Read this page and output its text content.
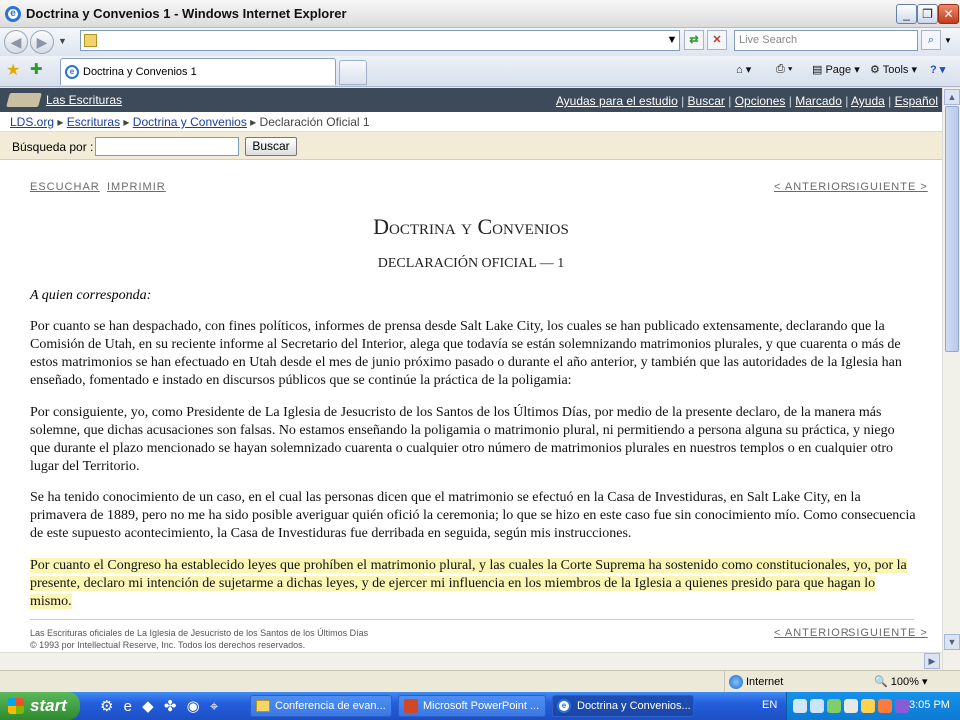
e Doctrina y Convenios 1 - Windows Internet Explorer	_	❐ ✕
◀	▶	▼	▼	⇄	✕	Live Search	⌕	▼
★ ✚	e Doctrina y Convenios 1	⌂ ▾ ⎙ ▾ ▤ Page ▾ ⚙ Tools ▾ ? ▾
Las Escrituras	Ayudas para el estudio | Buscar | Opciones | Marcado | Ayuda | Español
LDS.org ▸ Escrituras ▸ Doctrina y Convenios ▸ Declaración Oficial 1
Búsqueda por :	Buscar
ESCUCHAR IMPRIMIR	< ANTERIOR
SIGUIENTE >
Doctrina y Convenios
DECLARACIÓN OFICIAL — 1
A quien corresponda:
Por cuanto se han despachado, con fines políticos, informes de prensa desde Salt Lake City, los cuales se han publicado extensamente, declarando que la Comisión de Utah, en su reciente informe al Secretario del Interior, alega que todavía se están solemnizando matrimonios plurales, y que cuarenta o más de estos matrimonios se han efectuado en Utah desde el mes de junio próximo pasado o durante el año anterior, y también que las autoridades de la Iglesia han enseñado, fomentado e instado en discursos públicos que se continúe la práctica de la poligamia:
Por consiguiente, yo, como Presidente de La Iglesia de Jesucristo de los Santos de los Últimos Días, por medio de la presente declaro, de la manera más solemne, que dichas acusaciones son falsas. No estamos enseñando la poligamia o matrimonio plural, ni permitiendo a persona alguna su práctica, y niego que durante el plazo mencionado se hayan solemnizado cuarenta o cualquier otro número de matrimonios plurales en nuestros templos o en cualquier otro lugar del Territorio.
Se ha tenido conocimiento de un caso, en el cual las personas dicen que el matrimonio se efectuó en la Casa de Investiduras, en Salt Lake City, en la primavera de 1889, pero no me ha sido posible averiguar quién ofició la ceremonia; lo que se hizo en este caso fue sin conocimiento mío. Como consecuencia de este supuesto acontecimiento, la Casa de Investiduras fue derribada en seguida, según mis instrucciones.
Por cuanto el Congreso ha establecido leyes que prohíben el matrimonio plural, y las cuales la Corte Suprema ha sostenido como constitucionales, yo, por la presente, declaro mi intención de sujetarme a dichas leyes, y de ejercer mi influencia en los miembros de la Iglesia a quienes presido para que hagan lo mismo.
Las Escrituras oficiales de La Iglesia de Jesucristo de los Santos de los Últimos Días
© 1993 por Intellectual Reserve, Inc. Todos los derechos reservados.
< ANTERIOR
SIGUIENTE >
▲
▼
▶
Internet	🔍 100% ▾
start	⚙ e ◆ ✤ ◉ ⌖	Conferencia de evan...	Microsoft PowerPoint ...	e Doctrina y Convenios...	EN
	3:05 PM
